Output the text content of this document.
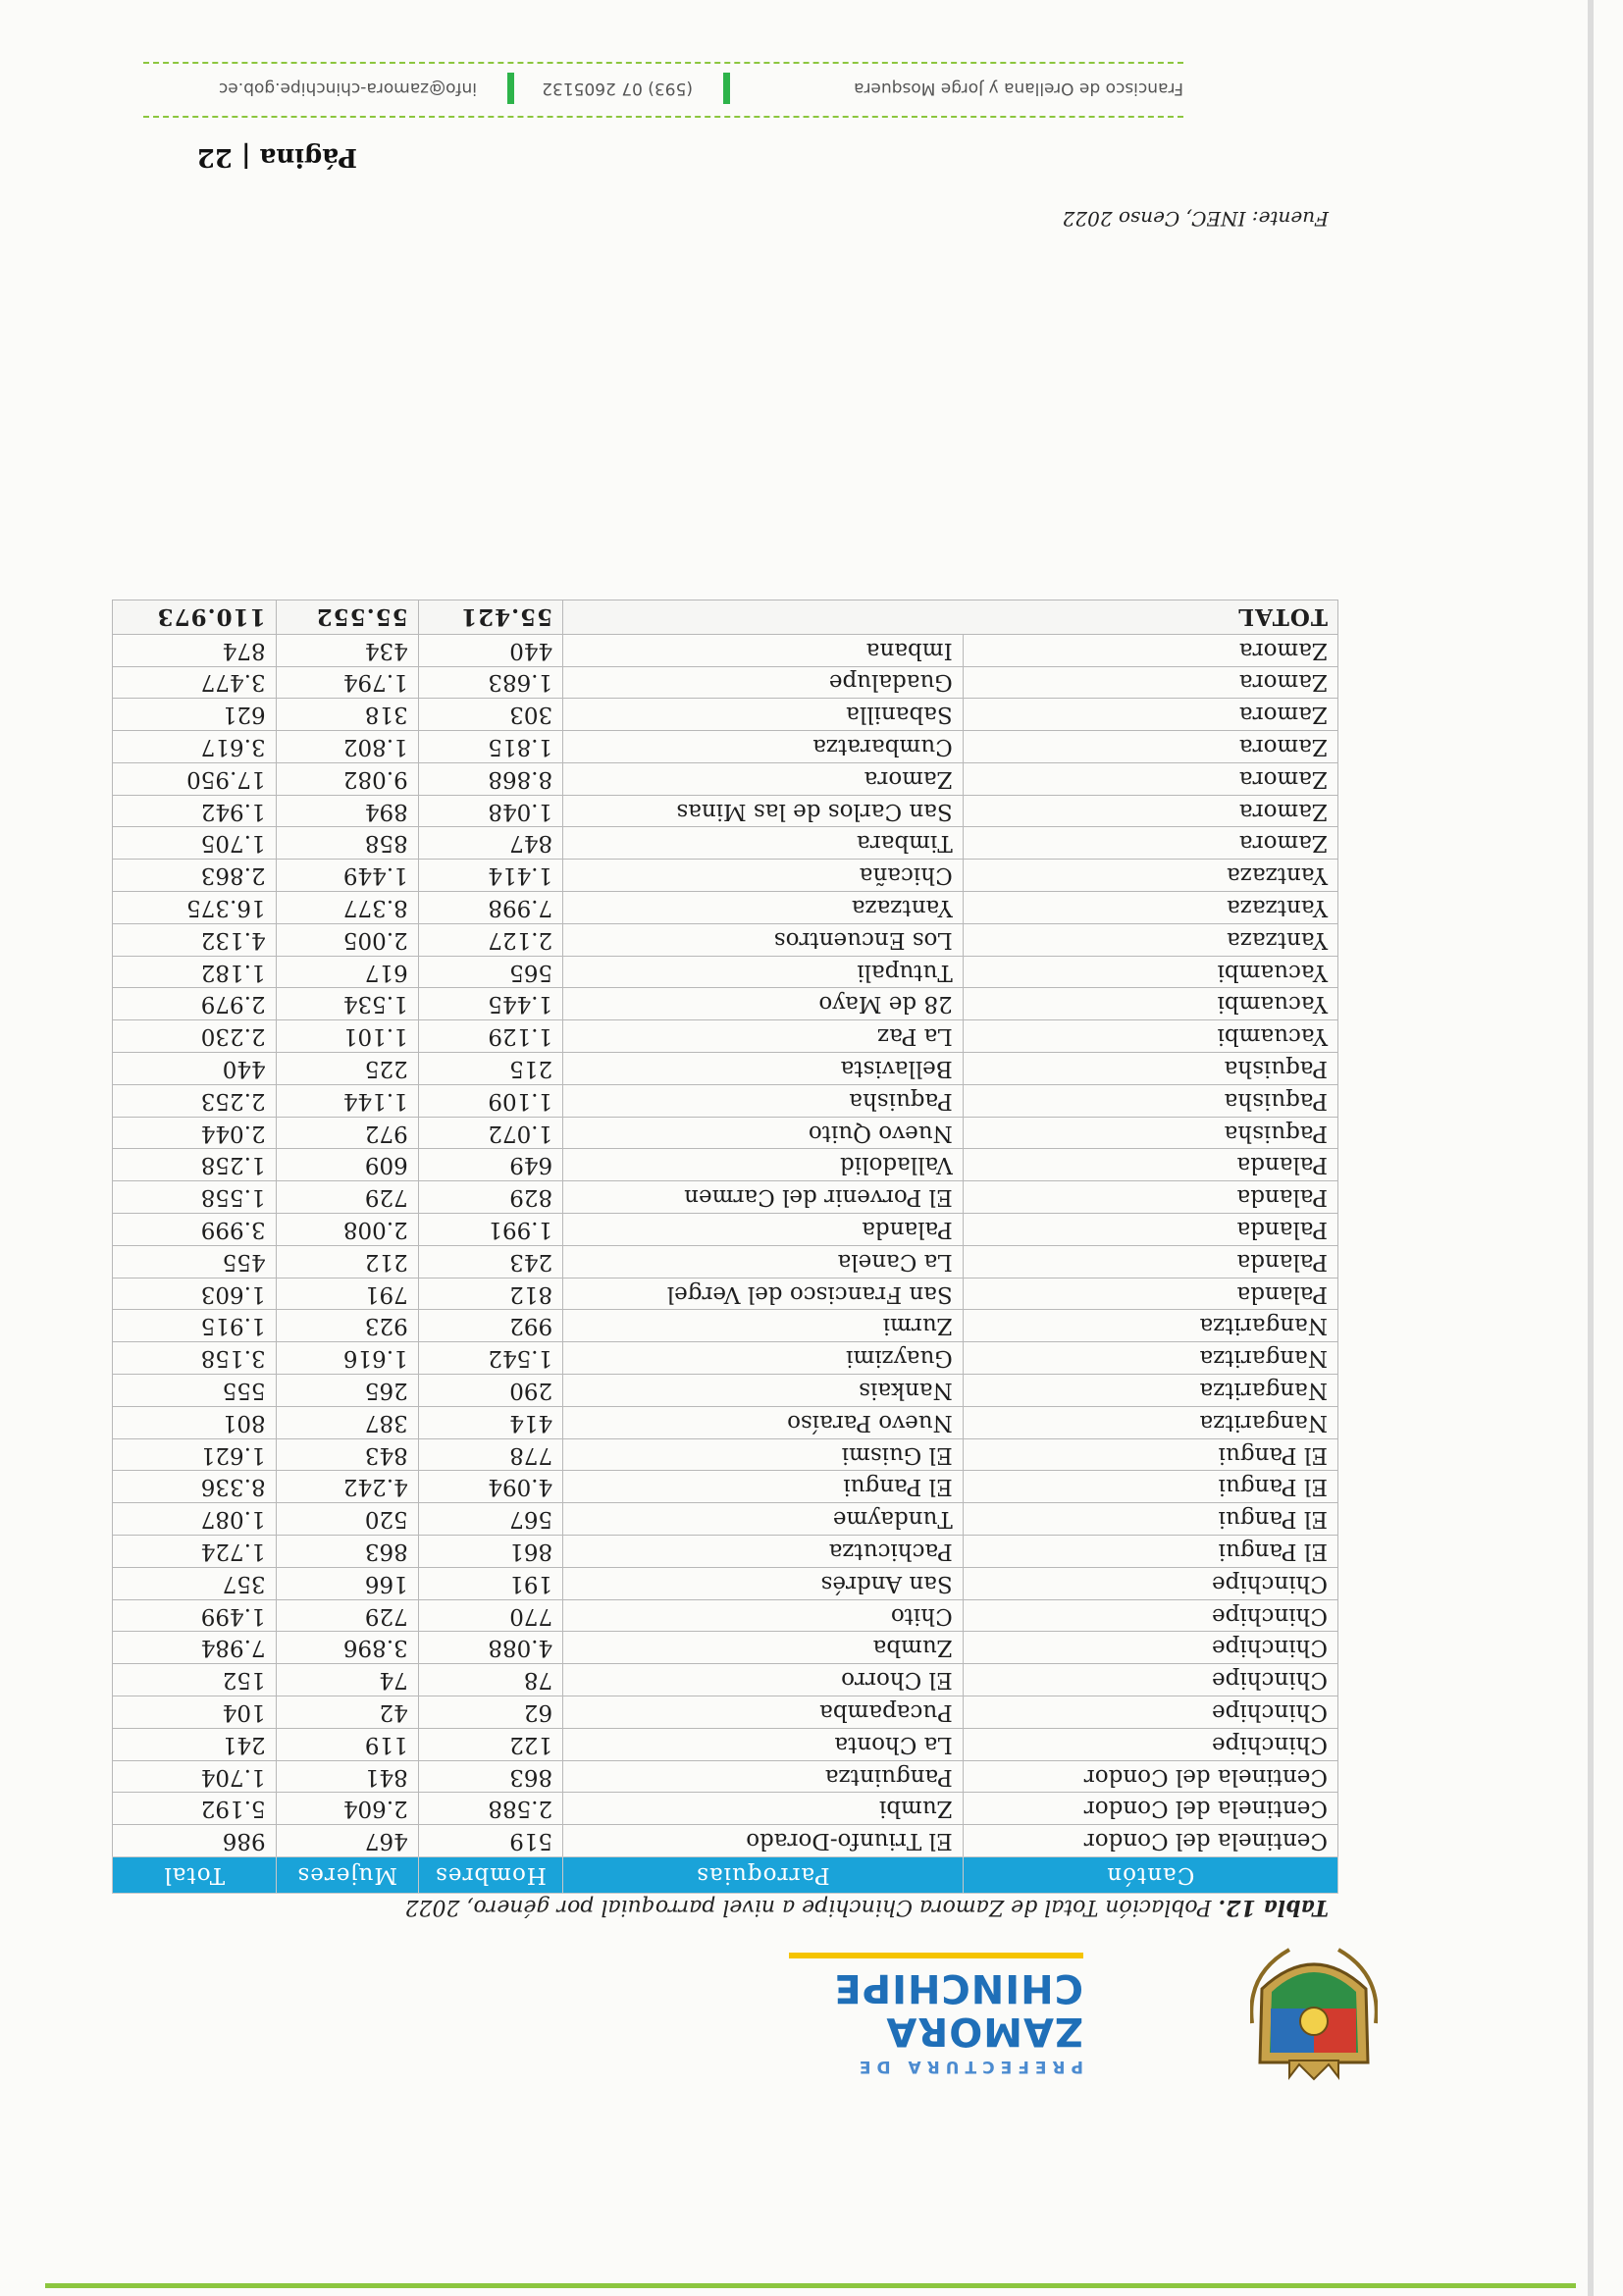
PREFECTURA DE
ZAMORA CHINCHIPE
Tabla 12. Población Total de Zamora Chinchipe a nivel parroquial por género, 2022
Cantón	Parroquias	Hombres	Mujeres	Total
Centinela del Condor	El Triunfo-Dorado	519	467	986
Centinela del Condor	Zumbi	2.588	2.604	5.192
Centinela del Condor	Panguintza	863	841	1.704
Chinchipe	La Chonta	122	119	241
Chinchipe	Pucapamba	62	42	104
Chinchipe	El Chorro	78	74	152
Chinchipe	Zumba	4.088	3.896	7.984
Chinchipe	Chito	770	729	1.499
Chinchipe	San Andrés	191	166	357
El Pangui	Pachicutza	861	863	1.724
El Pangui	Tundayme	567	520	1.087
El Pangui	El Pangui	4.094	4.242	8.336
El Pangui	El Guismi	778	843	1.621
Nangaritza	Nuevo Paraíso	414	387	801
Nangaritza	Nankais	290	265	555
Nangaritza	Guayzimi	1.542	1.616	3.158
Nangaritza	Zurmi	992	923	1.915
Palanda	San Francisco del Vergel	812	791	1.603
Palanda	La Canela	243	212	455
Palanda	Palanda	1.991	2.008	3.999
Palanda	El Porvenir del Carmen	829	729	1.558
Palanda	Valladolid	649	609	1.258
Paquisha	Nuevo Quito	1.072	972	2.044
Paquisha	Paquisha	1.109	1.144	2.253
Paquisha	Bellavista	215	225	440
Yacuambi	La Paz	1.129	1.101	2.230
Yacuambi	28 de Mayo	1.445	1.534	2.979
Yacuambi	Tutupali	565	617	1.182
Yantzaza	Los Encuentros	2.127	2.005	4.132
Yantzaza	Yantzaza	7.998	8.377	16.375
Yantzaza	Chicaña	1.414	1.449	2.863
Zamora	Timbara	847	858	1.705
Zamora	San Carlos de las Minas	1.048	894	1.942
Zamora	Zamora	8.868	9.082	17.950
Zamora	Cumbaratza	1.815	1.802	3.617
Zamora	Sabanilla	303	318	621
Zamora	Guadalupe	1.683	1.794	3.477
Zamora	Imbana	440	434	874
TOTAL		55.421	55.552	110.973
Fuente: INEC, Censo 2022
Página | 22
Francisco de Orellana y Jorge Mosquera
(593) 07 2605132
info@zamora-chinchipe.gob.ec
